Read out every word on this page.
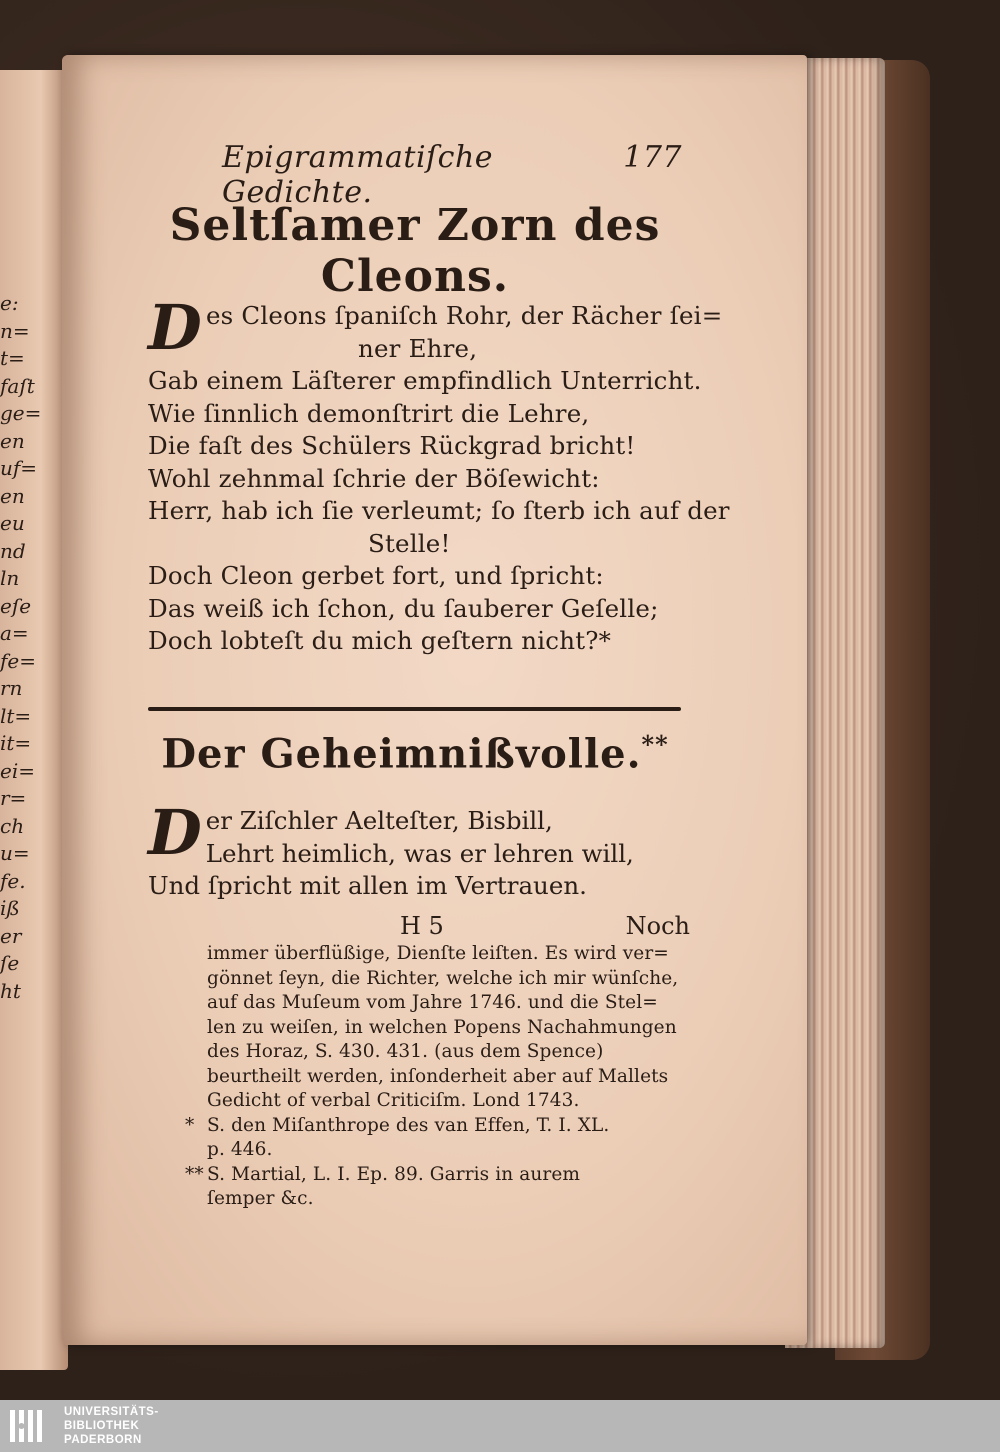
e:
n=
t=
faſt
ge=
en
uf=
en
eu
nd
ln
eſe
a=
fe=
rn
lt=
it=
ei=
r=
ch
u=
fe.
iß
er
ſe
ht
Epigrammatiſche Gedichte.
177
Seltſamer Zorn des Cleons.
D es Cleons ſpaniſch Rohr, der Rächer ſei=
ner Ehre,
Gab einem Läſterer empfindlich Unterricht.
Wie ſinnlich demonſtrirt die Lehre,
Die faſt des Schülers Rückgrad bricht!
Wohl zehnmal ſchrie der Böſewicht:
Herr, hab ich ſie verleumt; ſo ſterb ich auf der
Stelle!
Doch Cleon gerbet fort, und ſpricht:
Das weiß ich ſchon, du ſauberer Geſelle;
Doch lobteſt du mich geſtern nicht?*
Der Geheimnißvolle.**
D er Ziſchler Aelteſter, Bisbill,
Lehrt heimlich, was er lehren will,
Und ſpricht mit allen im Vertrauen.
H 5	Noch
immer überflüßige, Dienſte leiſten. Es wird ver=
gönnet ſeyn, die Richter, welche ich mir wünſche,
auf das Muſeum vom Jahre 1746. und die Stel=
len zu weiſen, in welchen Popens Nachahmungen
des Horaz, S. 430. 431. (aus dem Spence)
beurtheilt werden, inſonderheit aber auf Mallets
Gedicht of verbal Criticiſm. Lond 1743.
* S. den Miſanthrope des van Effen, T. I. XL.
p. 446.
** S. Martial, L. I. Ep. 89. Garris in aurem
ſemper &c.
UNIVERSITÄTS-
BIBLIOTHEK
PADERBORN
